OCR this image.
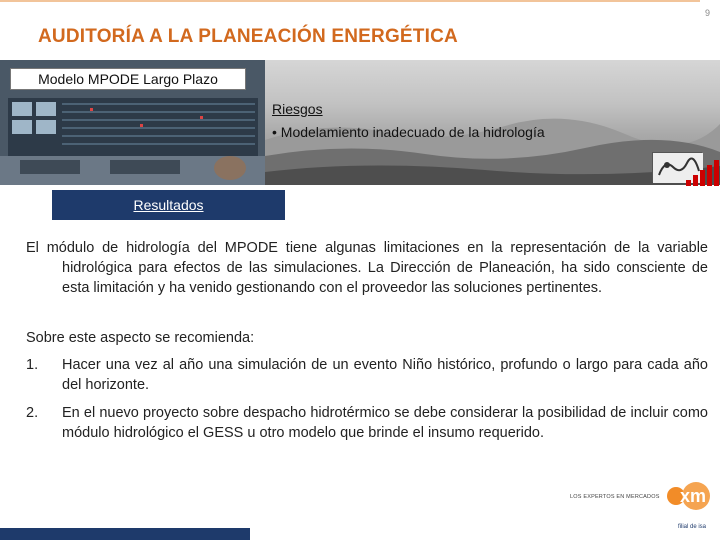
9
AUDITORÍA A LA PLANEACIÓN ENERGÉTICA
Modelo MPODE Largo Plazo
Riesgos
• Modelamiento inadecuado de la hidrología
Resultados
El módulo de hidrología del MPODE tiene algunas limitaciones en la representación de la variable hidrológica para efectos de las simulaciones. La Dirección de Planeación, ha sido consciente de esta limitación y ha venido gestionando con el proveedor las soluciones pertinentes.
Sobre este aspecto se recomienda:
1.	Hacer una vez al año una simulación de un evento Niño histórico, profundo o largo para cada año del horizonte.
2.	En el nuevo proyecto sobre despacho hidrotérmico se debe considerar la posibilidad de incluir como módulo hidrológico el GESS u otro modelo que brinde el insumo requerido.
LOS EXPERTOS EN MERCADOS xm
filial de isa
